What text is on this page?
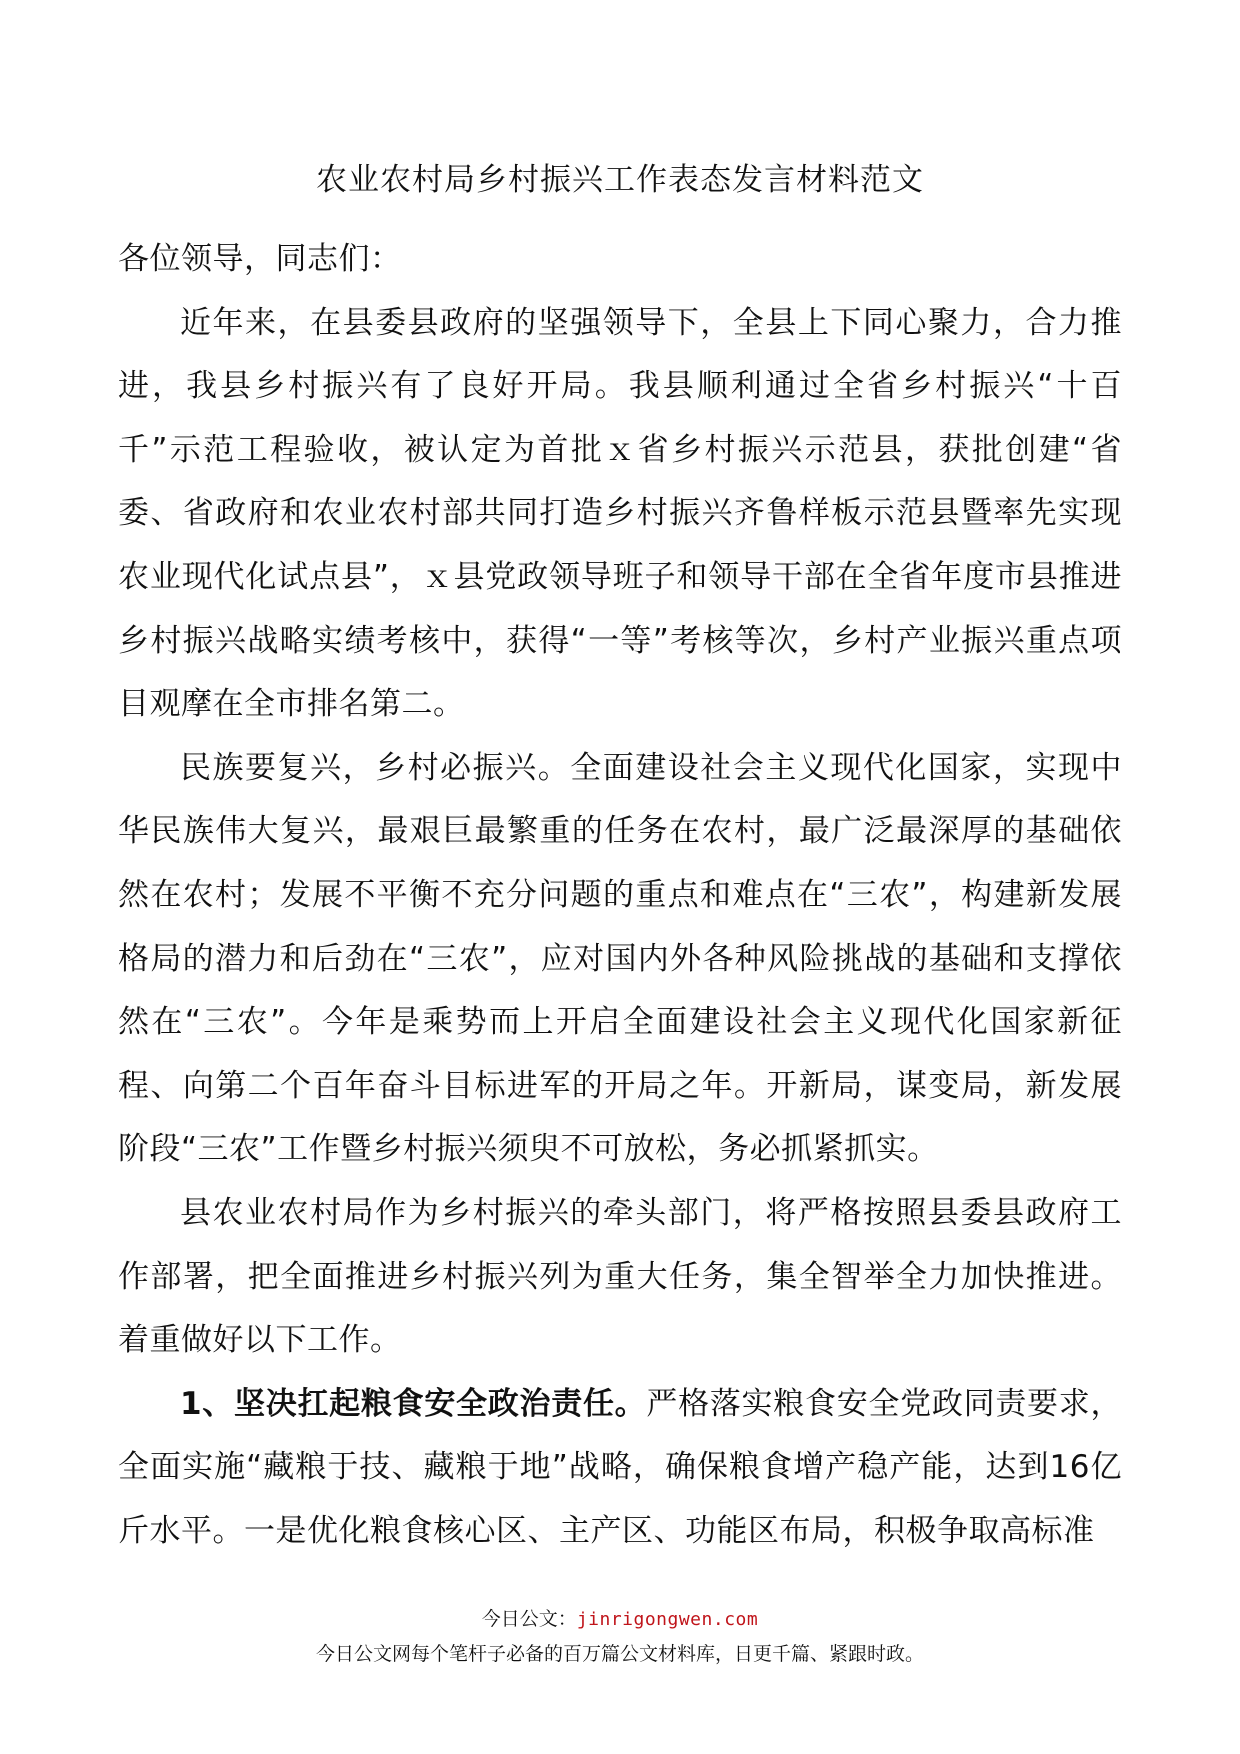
农业农村局乡村振兴工作表态发言材料范文

各位领导，同志们：

近年来，在县委县政府的坚强领导下，全县上下同心聚力，合力推进，我县乡村振兴有了良好开局。我县顺利通过全省乡村振兴“十百千”示范工程验收，被认定为首批ｘ省乡村振兴示范县，获批创建“省委、省政府和农业农村部共同打造乡村振兴齐鲁样板示范县暨率先实现农业现代化试点县”，ｘ县党政领导班子和领导干部在全省年度市县推进乡村振兴战略实绩考核中，获得“一等”考核等次，乡村产业振兴重点项目观摩在全市排名第二。

民族要复兴，乡村必振兴。全面建设社会主义现代化国家，实现中华民族伟大复兴，最艰巨最繁重的任务在农村，最广泛最深厚的基础依然在农村；发展不平衡不充分问题的重点和难点在“三农”，构建新发展格局的潜力和后劲在“三农”，应对国内外各种风险挑战的基础和支撑依然在“三农”。今年是乘势而上开启全面建设社会主义现代化国家新征程、向第二个百年奋斗目标进军的开局之年。开新局，谋变局，新发展阶段“三农”工作暨乡村振兴须臾不可放松，务必抓紧抓实。

县农业农村局作为乡村振兴的牵头部门，将严格按照县委县政府工作部署，把全面推进乡村振兴列为重大任务，集全智举全力加快推进。着重做好以下工作。

1、坚决扛起粮食安全政治责任。严格落实粮食安全党政同责要求，全面实施“藏粮于技、藏粮于地”战略，确保粮食增产稳产能，达到16亿斤水平。一是优化粮食核心区、主产区、功能区布局，积极争取高标准

今日公文：jinrigongwen.com
今日公文网每个笔杆子必备的百万篇公文材料库，日更千篇、紧跟时政。
